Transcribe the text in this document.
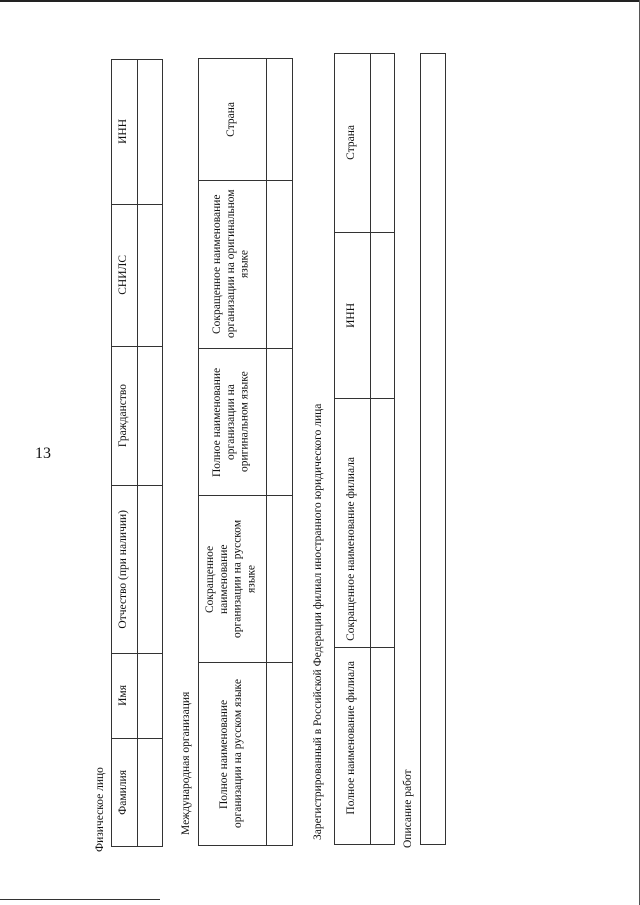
13
Физическое лицо Фамилия
Имя
Отчество (при наличии)
Гражданство
СНИЛС
ИНН
Международная организация Полное наименование организации на русском языке
Сокращенное наименование организации на русском языке
Полное наименование организации на оригинальном языке
Сокращенное наименование организации на оригинальном языке
Страна
Зарегистрированный в Российской Федерации филиал иностранного юридического лица Полное наименование филиала
Сокращенное наименование филиала
ИНН
Страна
Описание работ
